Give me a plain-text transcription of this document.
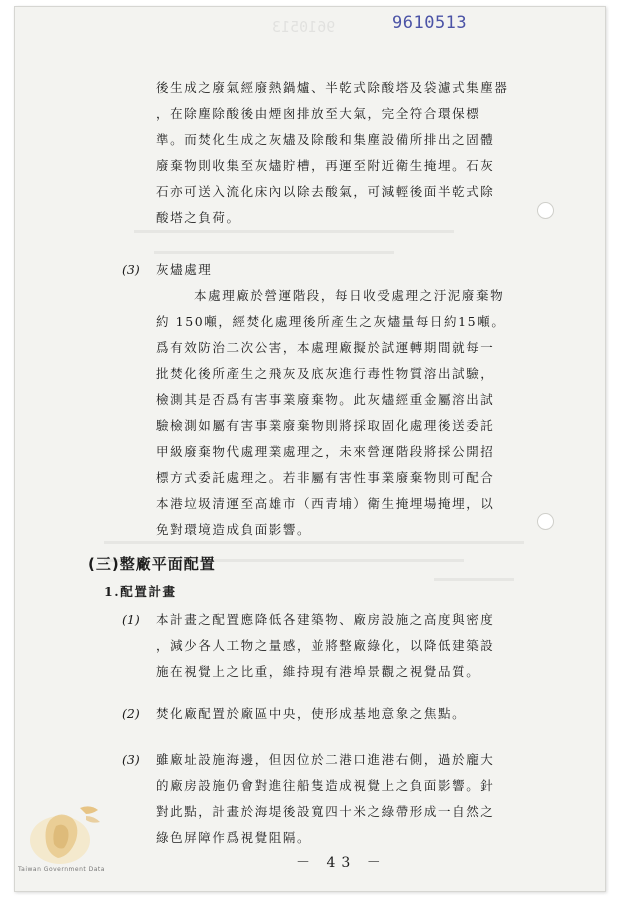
9610513	9610513
後生成之廢氣經廢熱鍋爐、半乾式除酸塔及袋濾式集塵器
，在除塵除酸後由煙囪排放至大氣，完全符合環保標
準。而焚化生成之灰燼及除酸和集塵設備所排出之固體
廢棄物則收集至灰燼貯槽，再運至附近衛生掩埋。石灰
石亦可送入流化床內以除去酸氣，可減輕後面半乾式除
酸塔之負荷。
(3) 灰燼處理
本處理廠於營運階段，每日收受處理之汙泥廢棄物
約 150噸，經焚化處理後所產生之灰燼量每日約15噸。
爲有效防治二次公害，本處理廠擬於試運轉期間就每一
批焚化後所產生之飛灰及底灰進行毒性物質溶出試驗，
檢測其是否爲有害事業廢棄物。此灰燼經重金屬溶出試
驗檢測如屬有害事業廢棄物則將採取固化處理後送委託
甲級廢棄物代處理業處理之，未來營運階段將採公開招
標方式委託處理之。若非屬有害性事業廢棄物則可配合
本港垃圾清運至高雄市（西青埔）衛生掩埋場掩埋，以
免對環境造成負面影響。
(三)整廠平面配置
1.配置計畫
(1) 本計畫之配置應降低各建築物、廠房設施之高度與密度
，減少各人工物之量感，並將整廠綠化，以降低建築設
施在視覺上之比重，維持現有港埠景觀之視覺品質。
(2) 焚化廠配置於廠區中央，使形成基地意象之焦點。
(3) 雖廠址設施海邊，但因位於二港口進港右側，過於龐大
的廠房設施仍會對進往船隻造成視覺上之負面影響。針
對此點，計畫於海堤後設寬四十米之綠帶形成一自然之
綠色屏障作爲視覺阻隔。
－ 43 －
Taiwan Government Data
